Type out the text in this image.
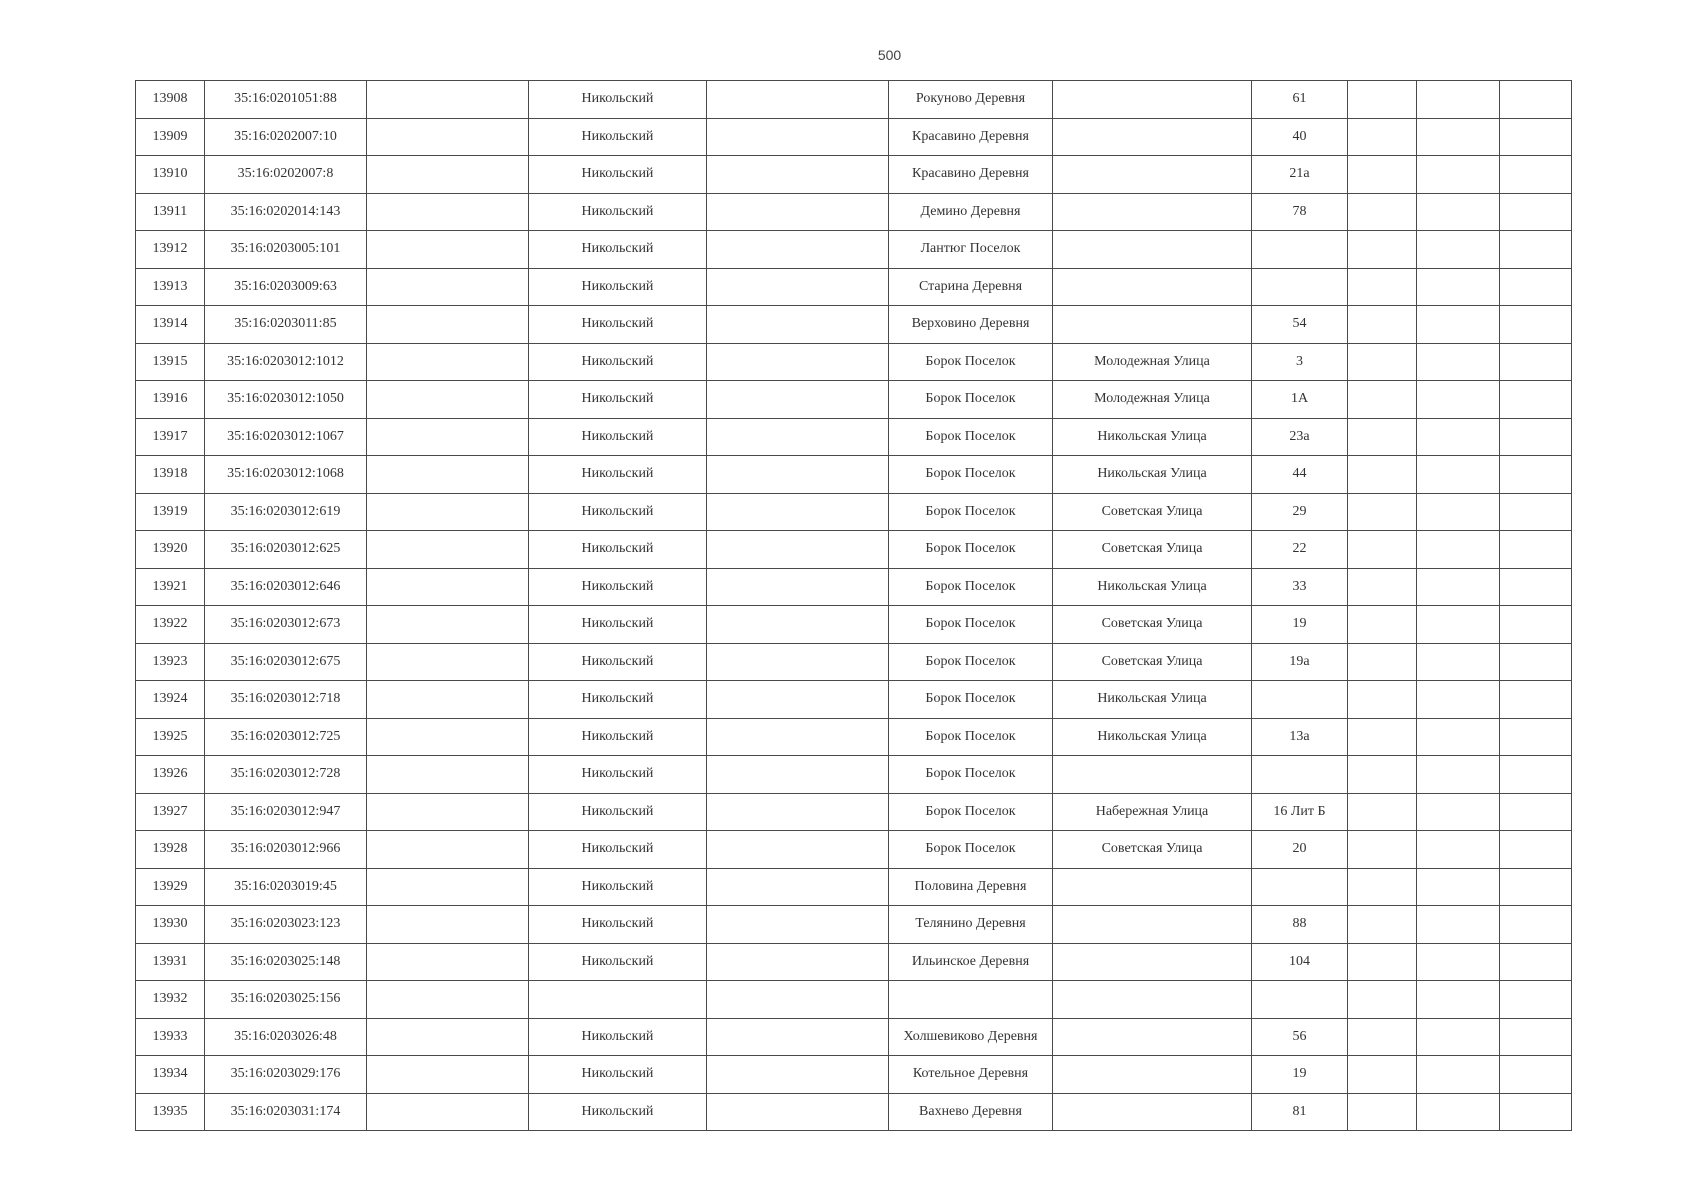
500
13908	35:16:0201051:88		Никольский		Рокуново Деревня		61			
13909	35:16:0202007:10		Никольский		Красавино Деревня		40			
13910	35:16:0202007:8		Никольский		Красавино Деревня		21а			
13911	35:16:0202014:143		Никольский		Демино Деревня		78			
13912	35:16:0203005:101		Никольский		Лантюг Поселок					
13913	35:16:0203009:63		Никольский		Старина Деревня					
13914	35:16:0203011:85		Никольский		Верховино Деревня		54			
13915	35:16:0203012:1012		Никольский		Борок Поселок	Молодежная Улица	3			
13916	35:16:0203012:1050		Никольский		Борок Поселок	Молодежная Улица	1А			
13917	35:16:0203012:1067		Никольский		Борок Поселок	Никольская Улица	23а			
13918	35:16:0203012:1068		Никольский		Борок Поселок	Никольская Улица	44			
13919	35:16:0203012:619		Никольский		Борок Поселок	Советская Улица	29			
13920	35:16:0203012:625		Никольский		Борок Поселок	Советская Улица	22			
13921	35:16:0203012:646		Никольский		Борок Поселок	Никольская Улица	33			
13922	35:16:0203012:673		Никольский		Борок Поселок	Советская Улица	19			
13923	35:16:0203012:675		Никольский		Борок Поселок	Советская Улица	19а			
13924	35:16:0203012:718		Никольский		Борок Поселок	Никольская Улица				
13925	35:16:0203012:725		Никольский		Борок Поселок	Никольская Улица	13а			
13926	35:16:0203012:728		Никольский		Борок Поселок					
13927	35:16:0203012:947		Никольский		Борок Поселок	Набережная Улица	16 Лит Б			
13928	35:16:0203012:966		Никольский		Борок Поселок	Советская Улица	20			
13929	35:16:0203019:45		Никольский		Половина Деревня					
13930	35:16:0203023:123		Никольский		Телянино Деревня		88			
13931	35:16:0203025:148		Никольский		Ильинское Деревня		104			
13932	35:16:0203025:156									
13933	35:16:0203026:48		Никольский		Холшевиково Деревня		56			
13934	35:16:0203029:176		Никольский		Котельное Деревня		19			
13935	35:16:0203031:174		Никольский		Вахнево Деревня		81			
